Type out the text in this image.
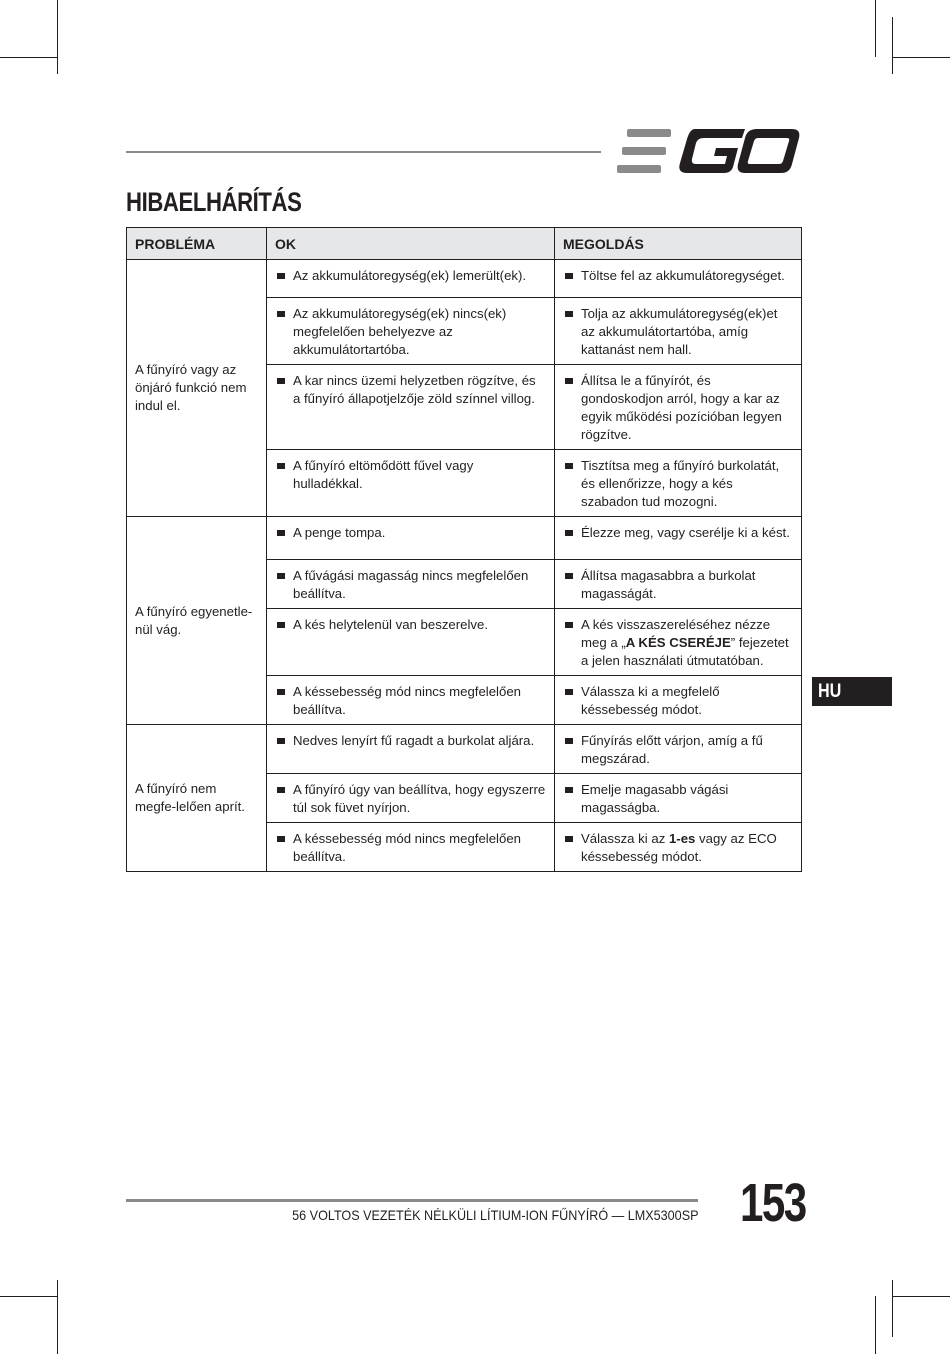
HIBAELHÁRÍTÁS
PROBLÉMA	OK	MEGOLDÁS
A fűnyíró vagy az önjáró funkció nem indul el.	Az akkumulátoregység(ek) lemerült(ek).	Töltse fel az akkumulátoregységet.

	Az akkumulátoregység(ek) nincs(ek) megfelelően behelyezve az akkumulátortartóba.	Tolja az akkumulátoregység(ek)et az akkumulátortartóba, amíg kattanást nem hall.

	A kar nincs üzemi helyzetben rögzítve, és a fűnyíró állapotjelzője zöld színnel villog.	Állítsa le a fűnyírót, és gondoskodjon arról, hogy a kar az egyik működési pozícióban legyen rögzítve.

	A fűnyíró eltömődött fűvel vagy hulladékkal.	Tisztítsa meg a fűnyíró burkolatát, és ellenőrizze, hogy a kés szabadon tud mozogni.

A fűnyíró egyenetle-nül vág.	A penge tompa.	Élezze meg, vagy cserélje ki a kést.

	A fűvágási magasság nincs megfelelően beállítva.	Állítsa magasabbra a burkolat magasságát.

	A kés helytelenül van beszerelve.	A kés visszaszereléséhez nézze meg a „A KÉS CSERÉJE” fejezetet a jelen használati útmutatóban.

	A késsebesség mód nincs megfelelően beállítva.	Válassza ki a megfelelő késsebesség módot.

A fűnyíró nem megfe-lelően aprít.	Nedves lenyírt fű ragadt a burkolat aljára.	Fűnyírás előtt várjon, amíg a fű megszárad.

	A fűnyíró úgy van beállítva, hogy egyszerre túl sok füvet nyírjon.	Emelje magasabb vágási magasságba.

	A késsebesség mód nincs megfelelően beállítva.	Válassza ki az 1-es vagy az ECO késsebesség módot.
HU
56 VOLTOS VEZETÉK NÉLKÜLI LÍTIUM-ION FŰNYÍRÓ — LMX5300SP 153
